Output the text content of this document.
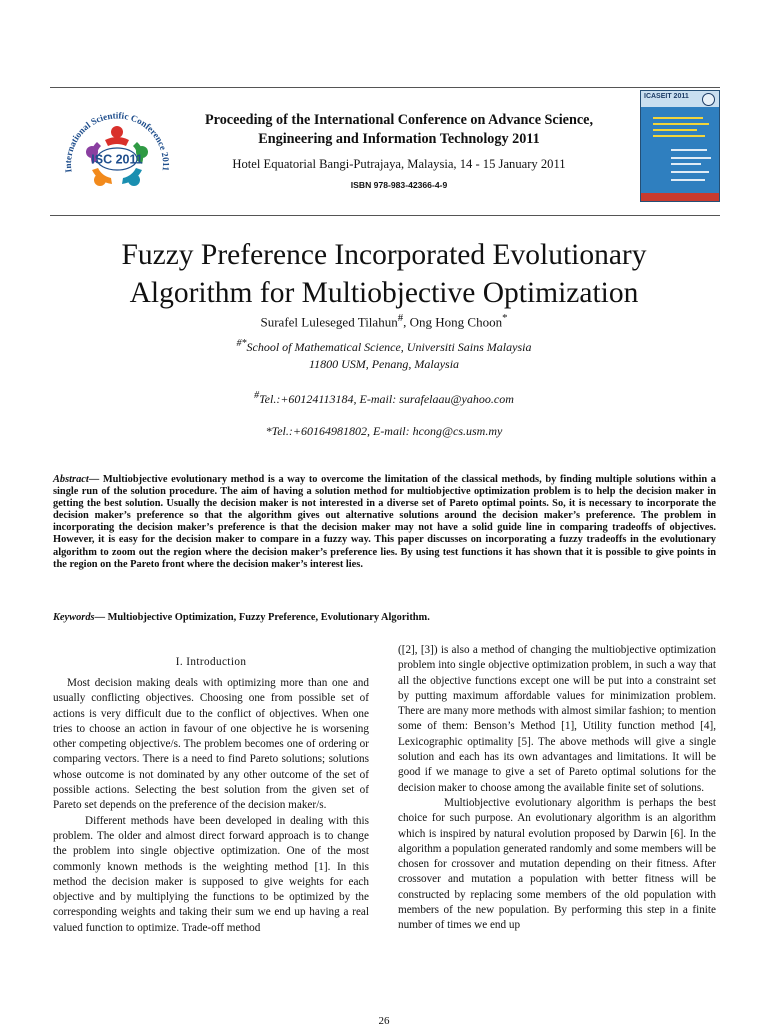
International Scientific Conference 2011
ISC 2011

Proceeding of the International Conference on Advance Science, Engineering and Information Technology 2011

Hotel Equatorial Bangi-Putrajaya, Malaysia, 14 - 15 January 2011
ISBN 978-983-42366-4-9
ICASEIT 2011
Fuzzy Preference Incorporated Evolutionary
Algorithm for Multiobjective Optimization
Surafel Luleseged Tilahun#, Ong Hong Choon*
#*School of Mathematical Science, Universiti Sains Malaysia
11800 USM, Penang, Malaysia
#Tel.:+60124113184, E-mail: surafelaau@yahoo.com
*Tel.:+60164981802, E-mail: hcong@cs.usm.my

Abstract— Multiobjective evolutionary method is a way to overcome the limitation of the classical methods, by finding multiple solutions within a single run of the solution procedure. The aim of having a solution method for multiobjective optimization problem is to help the decision maker in getting the best solution. Usually the decision maker is not interested in a diverse set of Pareto optimal points. So, it is necessary to incorporate the decision maker’s preference so that the algorithm gives out alternative solutions around the decision maker’s preference. The problem in incorporating the decision maker’s preference is that the decision maker may not have a solid guide line in comparing tradeoffs of objectives. However, it is easy for the decision maker to compare in a fuzzy way. This paper discusses on incorporating a fuzzy tradeoffs in the evolutionary algorithm to zoom out the region where the decision maker’s preference lies. By using test functions it has shown that it is possible to give points in the region on the Pareto front where the decision maker’s interest lies.

Keywords— Multiobjective Optimization, Fuzzy Preference, Evolutionary Algorithm.

I. Introduction

Most decision making deals with optimizing more than one and usually conflicting objectives. Choosing one from possible set of actions is very difficult due to the conflict of objectives. When one tries to choose an action in favour of one objective he is worsening other competing objective/s. The problem becomes one of ordering or comparing vectors. There is a need to find Pareto solutions; solutions whose outcome is not dominated by any other outcome of the set of possible actions. Selecting the best solution from the given set of Pareto set depends on the preference of the decision maker/s.
Different methods have been developed in dealing with this problem. The older and almost direct forward approach is to change the problem into single objective optimization. One of the most commonly known methods is the weighting method [1]. In this method the decision maker is supposed to give weights for each objective and by multiplying the functions to be optimized by the corresponding weights and taking their sum we end up having a real valued function to optimize. Trade-off method

([2], [3]) is also a method of changing the multiobjective optimization problem into single objective optimization problem, in such a way that all the objective functions except one will be put into a constraint set by putting maximum affordable values for minimization problem. There are many more methods with almost similar fashion; to mention some of them: Benson’s Method [1], Utility function method [4], Lexicographic optimality [5]. The above methods will give a single solution and each has its own advantages and limitations. It will be good if we manage to give a set of Pareto optimal solutions for the decision maker to choose among the available finite set of solutions.
Multiobjective evolutionary algorithm is perhaps the best choice for such purpose. An evolutionary algorithm is an algorithm which is inspired by natural evolution proposed by Darwin [6]. In the algorithm a population generated randomly and some members will be chosen for crossover and mutation depending on their fitness. After crossover and mutation a population with better fitness will be constructed by replacing some members of the old population with members of the new population. By performing this step in a finite number of times we end up

26
